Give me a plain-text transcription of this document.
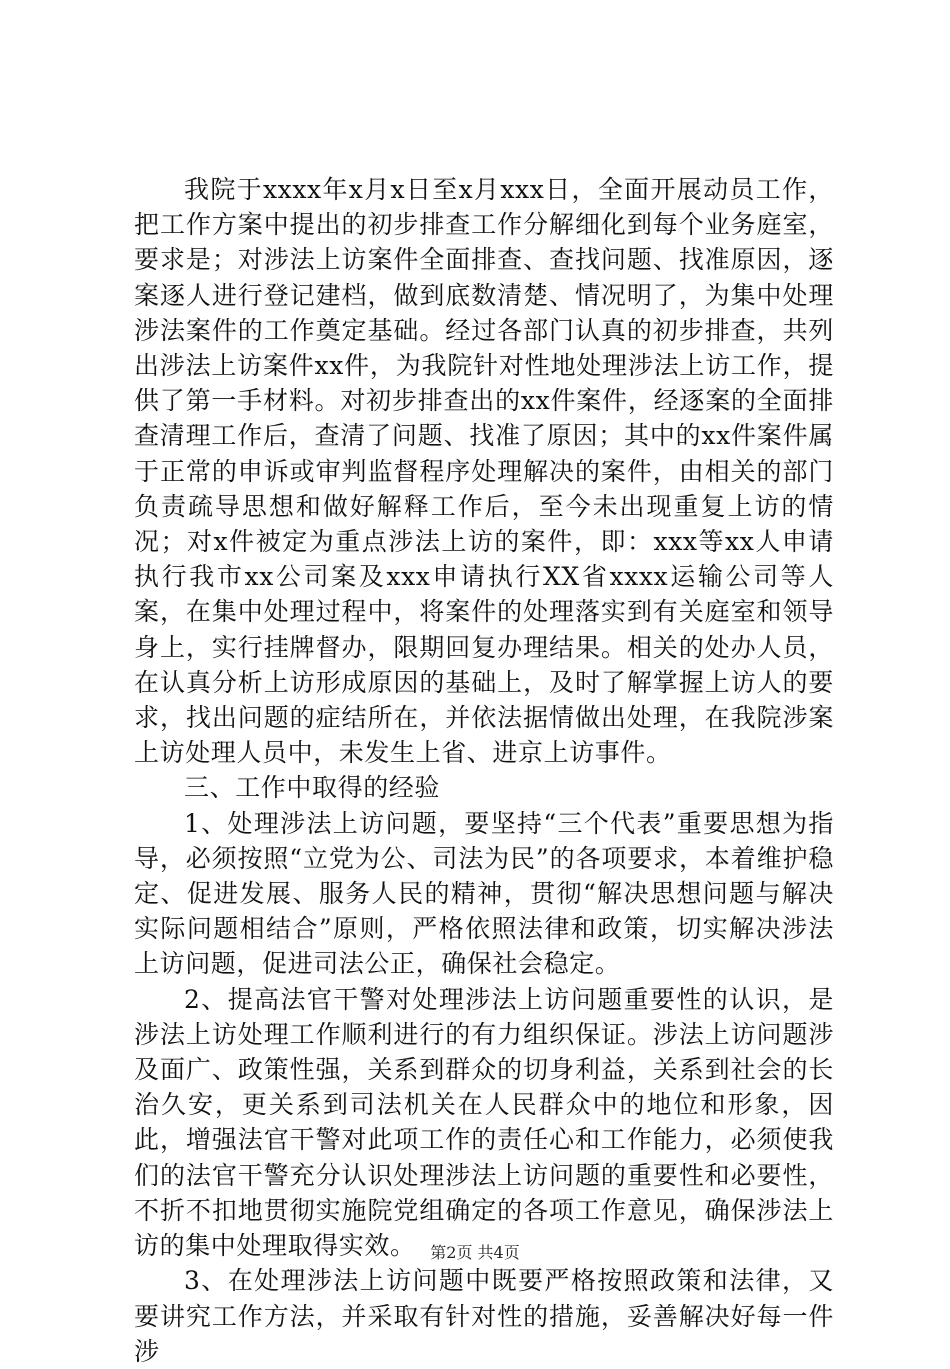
我院于xxxx年x月x日至x月xxx日，全面开展动员工作，把工作方案中提出的初步排查工作分解细化到每个业务庭室，要求是；对涉法上访案件全面排查、查找问题、找准原因，逐案逐人进行登记建档，做到底数清楚、情况明了，为集中处理涉法案件的工作奠定基础。经过各部门认真的初步排查，共列出涉法上访案件xx件，为我院针对性地处理涉法上访工作，提供了第一手材料。对初步排查出的xx件案件，经逐案的全面排查清理工作后，查清了问题、找准了原因；其中的xx件案件属于正常的申诉或审判监督程序处理解决的案件，由相关的部门负责疏导思想和做好解释工作后，至今未出现重复上访的情况；对x件被定为重点涉法上访的案件，即：xxx等xx人申请执行我市xx公司案及xxx申请执行XX省xxxx运输公司等人案，在集中处理过程中，将案件的处理落实到有关庭室和领导身上，实行挂牌督办，限期回复办理结果。相关的处办人员，在认真分析上访形成原因的基础上，及时了解掌握上访人的要求，找出问题的症结所在，并依法据情做出处理，在我院涉案上访处理人员中，未发生上省、进京上访事件。

三、工作中取得的经验

1、处理涉法上访问题，要坚持“三个代表”重要思想为指导，必须按照“立党为公、司法为民”的各项要求，本着维护稳定、促进发展、服务人民的精神，贯彻“解决思想问题与解决实际问题相结合”原则，严格依照法律和政策，切实解决涉法上访问题，促进司法公正，确保社会稳定。

2、提高法官干警对处理涉法上访问题重要性的认识，是涉法上访处理工作顺利进行的有力组织保证。涉法上访问题涉及面广、政策性强，关系到群众的切身利益，关系到社会的长治久安，更关系到司法机关在人民群众中的地位和形象，因此，增强法官干警对此项工作的责任心和工作能力，必须使我们的法官干警充分认识处理涉法上访问题的重要性和必要性，不折不扣地贯彻实施院党组确定的各项工作意见，确保涉法上访的集中处理取得实效。

3、在处理涉法上访问题中既要严格按照政策和法律，又要讲究工作方法，并采取有针对性的措施，妥善解决好每一件涉

第2页 共4页
